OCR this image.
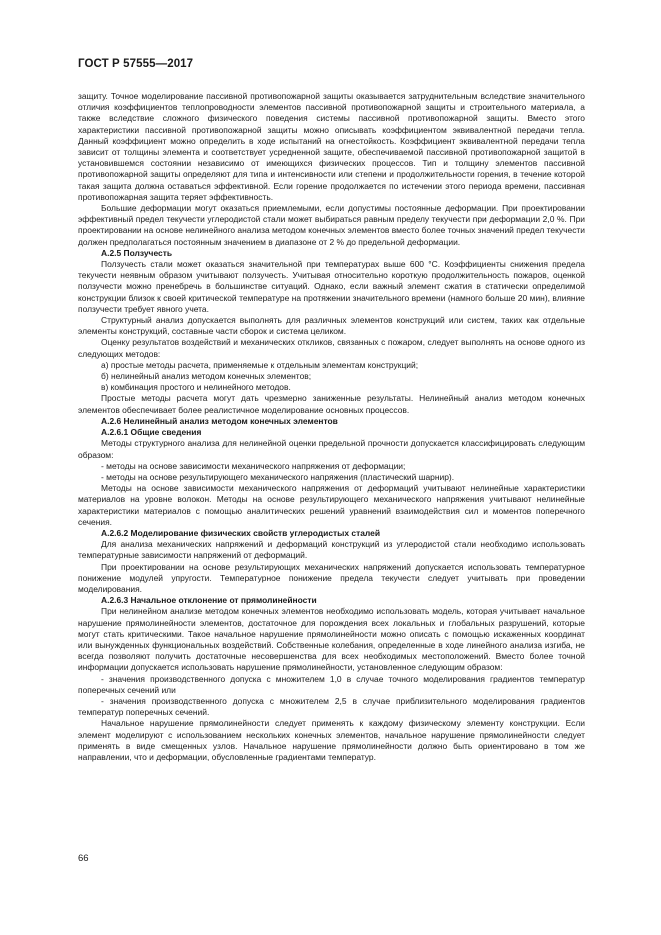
ГОСТ Р 57555—2017

защиту. Точное моделирование пассивной противопожарной защиты оказывается затруднительным вследствие значительного отличия коэффициентов теплопроводности элементов пассивной противопожарной защиты и строительного материала, а также вследствие сложного физического поведения системы пассивной противопожарной защиты. Вместо этого характеристики пассивной противопожарной защиты можно описывать коэффициентом эквивалентной передачи тепла. Данный коэффициент можно определить в ходе испытаний на огнестойкость. Коэффициент эквивалентной передачи тепла зависит от толщины элемента и соответствует усредненной защите, обеспечиваемой пассивной противопожарной защитой в установившемся состоянии независимо от имеющихся физических процессов. Тип и толщину элементов пассивной противопожарной защиты определяют для типа и интенсивности или степени и продолжительности горения, в течение которой такая защита должна оставаться эффективной. Если горение продолжается по истечении этого периода времени, пассивная противопожарная защита теряет эффективность.

Большие деформации могут оказаться приемлемыми, если допустимы постоянные деформации. При проектировании эффективный предел текучести углеродистой стали может выбираться равным пределу текучести при деформации 2,0 %. При проектировании на основе нелинейного анализа методом конечных элементов вместо более точных значений предел текучести должен предполагаться постоянным значением в диапазоне от 2 % до предельной деформации.

А.2.5 Ползучесть

Ползучесть стали может оказаться значительной при температурах выше 600 °С. Коэффициенты снижения предела текучести неявным образом учитывают ползучесть. Учитывая относительно короткую продолжительность пожаров, оценкой ползучести можно пренебречь в большинстве ситуаций. Однако, если важный элемент сжатия в статически определимой конструкции близок к своей критической температуре на протяжении значительного времени (намного больше 20 мин), влияние ползучести требует явного учета.

Структурный анализ допускается выполнять для различных элементов конструкций или систем, таких как отдельные элементы конструкций, составные части сборок и система целиком.

Оценку результатов воздействий и механических откликов, связанных с пожаром, следует выполнять на основе одного из следующих методов:

а) простые методы расчета, применяемые к отдельным элементам конструкций;

б) нелинейный анализ методом конечных элементов;

в) комбинация простого и нелинейного методов.

Простые методы расчета могут дать чрезмерно заниженные результаты. Нелинейный анализ методом конечных элементов обеспечивает более реалистичное моделирование основных процессов.

А.2.6 Нелинейный анализ методом конечных элементов
А.2.6.1 Общие сведения

Методы структурного анализа для нелинейной оценки предельной прочности допускается классифицировать следующим образом:

- методы на основе зависимости механического напряжения от деформации;

- методы на основе результирующего механического напряжения (пластический шарнир).

Методы на основе зависимости механического напряжения от деформаций учитывают нелинейные характеристики материалов на уровне волокон. Методы на основе результирующего механического напряжения учитывают нелинейные характеристики материалов с помощью аналитических решений уравнений взаимодействия сил и моментов поперечного сечения.

А.2.6.2 Моделирование физических свойств углеродистых сталей

Для анализа механических напряжений и деформаций конструкций из углеродистой стали необходимо использовать температурные зависимости напряжений от деформаций.

При проектировании на основе результирующих механических напряжений допускается использовать температурное понижение модулей упругости. Температурное понижение предела текучести следует учитывать при проведении моделирования.

А.2.6.3 Начальное отклонение от прямолинейности

При нелинейном анализе методом конечных элементов необходимо использовать модель, которая учитывает начальное нарушение прямолинейности элементов, достаточное для порождения всех локальных и глобальных разрушений, которые могут стать критическими. Такое начальное нарушение прямолинейности можно описать с помощью искаженных координат или вынужденных функциональных воздействий. Собственные колебания, определенные в ходе линейного анализа изгиба, не всегда позволяют получить достаточные несовершенства для всех необходимых местоположений. Вместо более точной информации допускается использовать нарушение прямолинейности, установленное следующим образом:

- значения производственного допуска с множителем 1,0 в случае точного моделирования градиентов температур поперечных сечений или

- значения производственного допуска с множителем 2,5 в случае приблизительного моделирования градиентов температур поперечных сечений.

Начальное нарушение прямолинейности следует применять к каждому физическому элементу конструкции. Если элемент моделируют с использованием нескольких конечных элементов, начальное нарушение прямолинейности следует применять в виде смещенных узлов. Начальное нарушение прямолинейности должно быть ориентировано в том же направлении, что и деформации, обусловленные градиентами температур.

66
